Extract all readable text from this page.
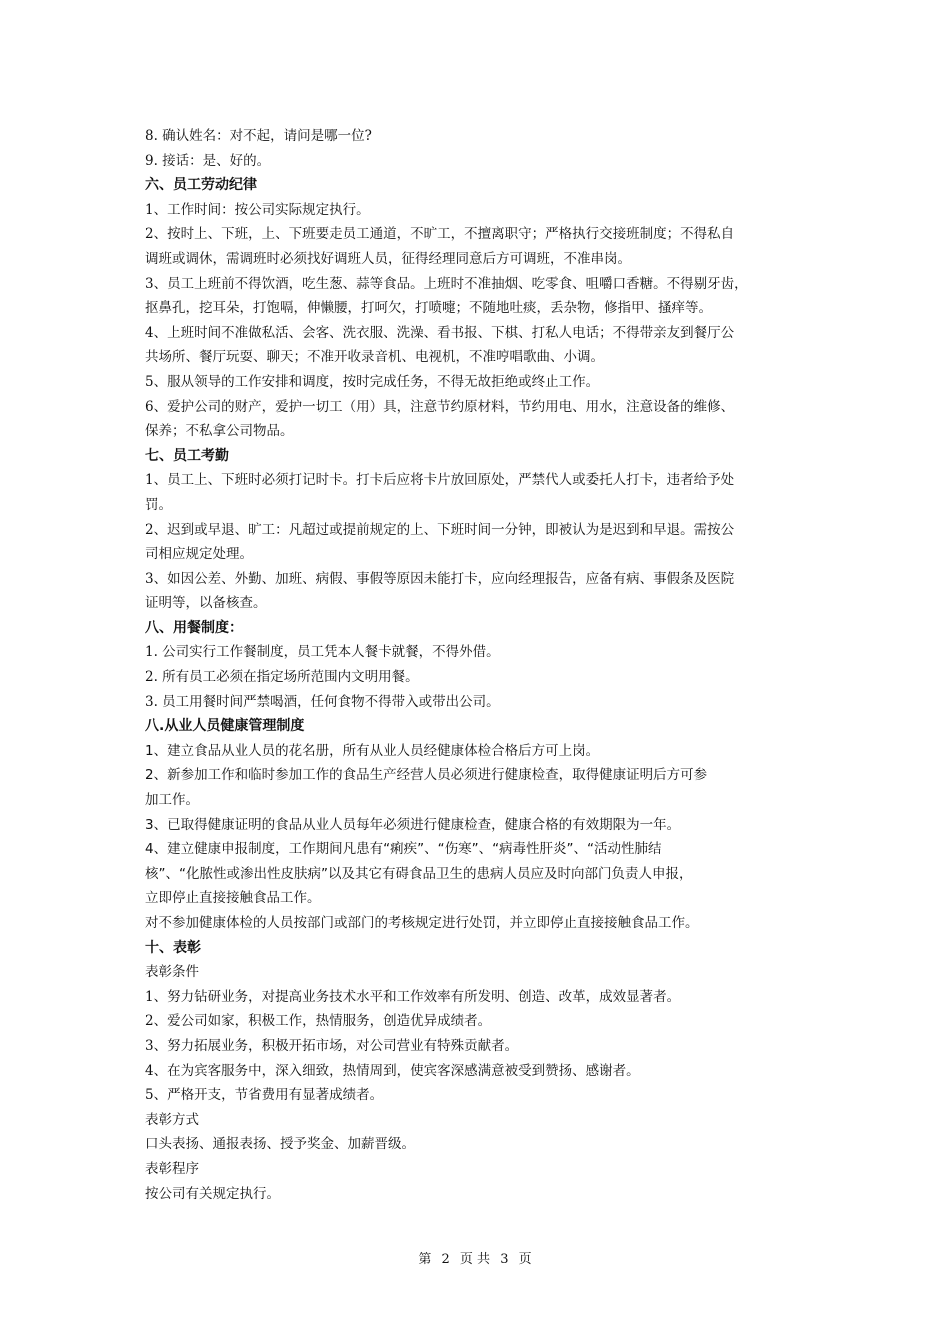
8. 确认姓名：对不起，请问是哪一位?

9. 接话：是、好的。

六、员工劳动纪律

1、工作时间：按公司实际规定执行。

2、按时上、下班，上、下班要走员工通道，不旷工，不擅离职守；严格执行交接班制度；不得私自

调班或调休，需调班时必须找好调班人员，征得经理同意后方可调班，不准串岗。

3、员工上班前不得饮酒，吃生葱、蒜等食品。上班时不准抽烟、吃零食、咀嚼口香糖。不得剔牙齿，

抠鼻孔，挖耳朵，打饱嗝，伸懒腰，打呵欠，打喷嚏；不随地吐痰，丢杂物，修指甲、搔痒等。

4、上班时间不准做私活、会客、洗衣服、洗澡、看书报、下棋、打私人电话；不得带亲友到餐厅公

共场所、餐厅玩耍、聊天；不准开收录音机、电视机，不准哼唱歌曲、小调。

5、服从领导的工作安排和调度，按时完成任务，不得无故拒绝或终止工作。

6、爱护公司的财产，爱护一切工（用）具，注意节约原材料，节约用电、用水，注意设备的维修、

保养；不私拿公司物品。

七、员工考勤

1、员工上、下班时必须打记时卡。打卡后应将卡片放回原处，严禁代人或委托人打卡，违者给予处

罚。

2、迟到或早退、旷工：凡超过或提前规定的上、下班时间一分钟，即被认为是迟到和早退。需按公

司相应规定处理。

3、如因公差、外勤、加班、病假、事假等原因未能打卡，应向经理报告，应备有病、事假条及医院

证明等，以备核查。

八、用餐制度：

1. 公司实行工作餐制度，员工凭本人餐卡就餐，不得外借。

2. 所有员工必须在指定场所范围内文明用餐。

3. 员工用餐时间严禁喝酒，任何食物不得带入或带出公司。

八.从业人员健康管理制度

1、建立食品从业人员的花名册，所有从业人员经健康体检合格后方可上岗。

2、新参加工作和临时参加工作的食品生产经营人员必须进行健康检查，取得健康证明后方可参

加工作。

3、已取得健康证明的食品从业人员每年必须进行健康检查，健康合格的有效期限为一年。

4、建立健康申报制度，工作期间凡患有“痢疾”、“伤寒”、“病毒性肝炎”、“活动性肺结

核”、“化脓性或渗出性皮肤病”以及其它有碍食品卫生的患病人员应及时向部门负责人申报，

立即停止直接接触食品工作。

对不参加健康体检的人员按部门或部门的考核规定进行处罚，并立即停止直接接触食品工作。

十、表彰

表彰条件

1、努力钻研业务，对提高业务技术水平和工作效率有所发明、创造、改革，成效显著者。

2、爱公司如家，积极工作，热情服务，创造优异成绩者。

3、努力拓展业务，积极开拓市场，对公司营业有特殊贡献者。

4、在为宾客服务中，深入细致，热情周到，使宾客深感满意被受到赞扬、感谢者。

5、严格开支，节省费用有显著成绩者。

表彰方式

口头表扬、通报表扬、授予奖金、加薪晋级。

表彰程序

按公司有关规定执行。

第 2 页 共 3 页
